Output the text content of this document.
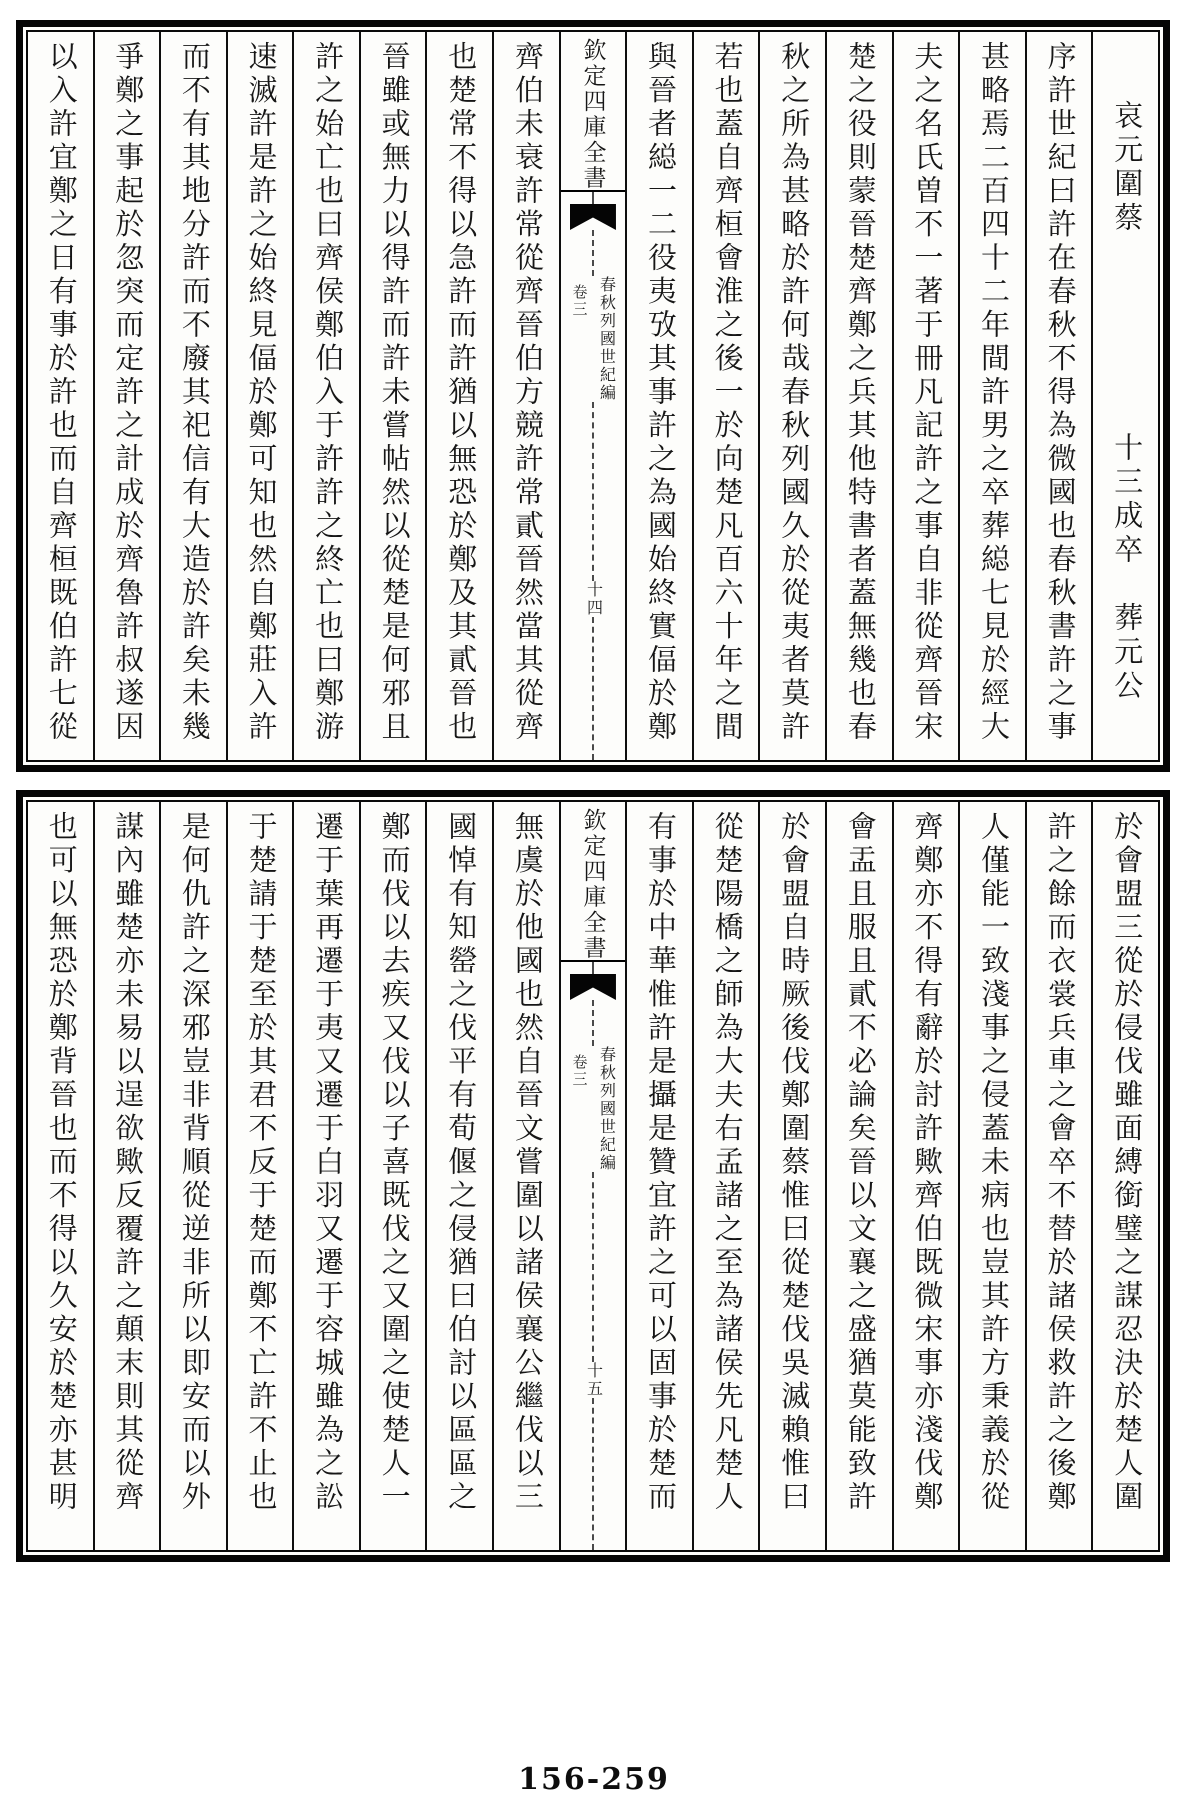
哀元圍蔡
十三成卒
葬元公
序許世紀曰許在春秋不得為微國也春秋書許之事
甚略焉二百四十二年間許男之卒葬縂七見於經大
夫之名氏曽不一著于冊凡記許之事自非從齊晉宋
楚之役則蒙晉楚齊鄭之兵其他特書者蓋無幾也春
秋之所為甚略於許何哉春秋列國久於從夷者莫許
若也蓋自齊桓會淮之後一於向楚凡百六十年之間
與晉者縂一二役夷攷其事許之為國始終實偪於鄭
欽定四庫全書
卷三 春秋列國世紀編
十四
齊伯未衰許常從齊晉伯方競許常貳晉然當其從齊
也楚常不得以急許而許猶以無恐於鄭及其貳晉也
晉雖或無力以得許而許未嘗帖然以從楚是何邪且
許之始亡也曰齊侯鄭伯入于許許之終亡也曰鄭游
速滅許是許之始終見偪於鄭可知也然自鄭莊入許
而不有其地分許而不廢其祀信有大造於許矣未幾
爭鄭之事起於忽突而定許之計成於齊魯許叔遂因
以入許宜鄭之日有事於許也而自齊桓既伯許七從
於會盟三從於侵伐雖面縛銜璧之謀忍決於楚人圍
許之餘而衣裳兵車之會卒不替於諸侯救許之後鄭
人僅能一致淺事之侵蓋未病也豈其許方秉義於從
齊鄭亦不得有辭於討許歟齊伯既微宋事亦淺伐鄭
會盂且服且貳不必論矣晉以文襄之盛猶莫能致許
於會盟自時厥後伐鄭圍蔡惟曰從楚伐吳滅賴惟曰
從楚陽橋之師為大夫右孟諸之至為諸侯先凡楚人
有事於中華惟許是攝是贊宜許之可以固事於楚而
欽定四庫全書
卷三 春秋列國世紀編
十五
無虞於他國也然自晉文嘗圍以諸侯襄公繼伐以三
國悼有知罃之伐平有荀偃之侵猶曰伯討以區區之
鄭而伐以去疾又伐以子喜既伐之又圍之使楚人一
遷于葉再遷于夷又遷于白羽又遷于容城雖為之訟
于楚請于楚至於其君不反于楚而鄭不亡許不止也
是何仇許之深邪豈非背順從逆非所以即安而以外
謀內雖楚亦未易以逞欲歟反覆許之顛末則其從齊
也可以無恐於鄭背晉也而不得以久安於楚亦甚明
156-259
